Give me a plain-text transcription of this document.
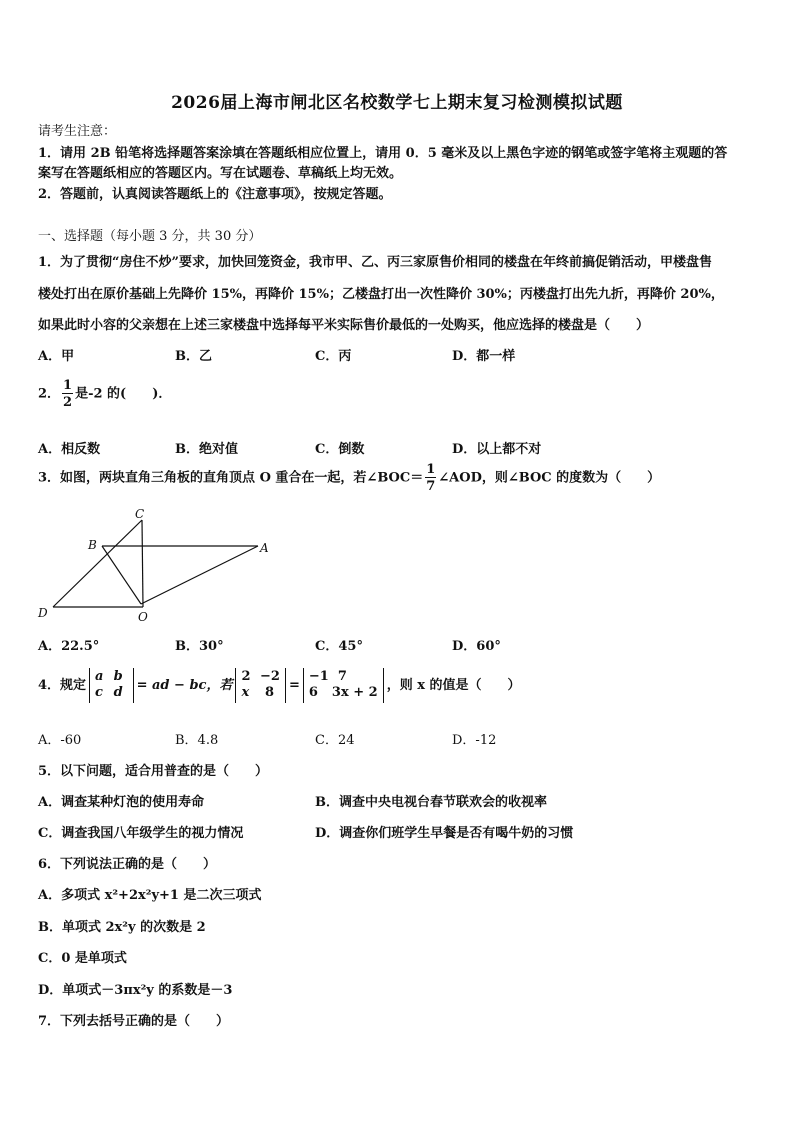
2026届上海市闸北区名校数学七上期末复习检测模拟试题
请考生注意：
1．请用 2B 铅笔将选择题答案涂填在答题纸相应位置上，请用 0．5 毫米及以上黑色字迹的钢笔或签字笔将主观题的答
案写在答题纸相应的答题区内。写在试题卷、草稿纸上均无效。
2．答题前，认真阅读答题纸上的《注意事项》，按规定答题。
一、选择题（每小题 3 分，共 30 分）
1．为了贯彻“房住不炒”要求，加快回笼资金，我市甲、乙、丙三家原售价相同的楼盘在年终前搞促销活动，甲楼盘售
楼处打出在原价基础上先降价 15%，再降价 15%；乙楼盘打出一次性降价 30%；丙楼盘打出先九折，再降价 20%，
如果此时小容的父亲想在上述三家楼盘中选择每平米实际售价最低的一处购买，他应选择的楼盘是（　　）
A．甲	B．乙	C．丙	D．都一样
2． $\frac{1}{2}$ 是-2 的(　　)．
A．相反数	B．绝对值	C．倒数	D．以上都不对
3．如图，两块直角三角板的直角顶点 O 重合在一起，若∠BOC＝ $\frac{1}{7}$ ∠AOD，则∠BOC 的度数为（　　）
C
B	A
D	O
A．22.5°	B．30°	C．45°	D．60°
4．规定
a b
c d	= ad − bc，若
2 −2
x 8	=
−1 7
6 3x + 2 ，则 x 的值是（　　）
A．-60	B．4.8	C．24	D．-12
5．以下问题，适合用普查的是（　　）
A．调查某种灯泡的使用寿命	B．调查中央电视台春节联欢会的收视率
C．调查我国八年级学生的视力情况	D．调查你们班学生早餐是否有喝牛奶的习惯
6．下列说法正确的是（　　）
A．多项式 x²+2x²y+1 是二次三项式
B．单项式 2x²y 的次数是 2
C．0 是单项式
D．单项式－3πx²y 的系数是－3
7．下列去括号正确的是（　　）
